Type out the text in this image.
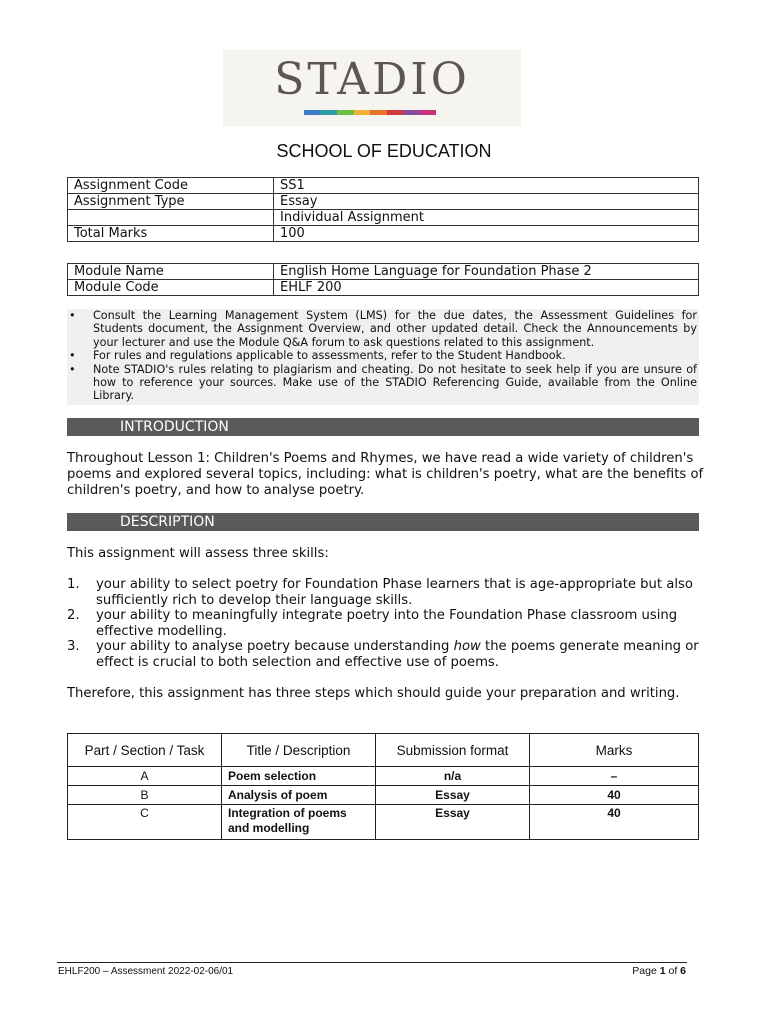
STADIO
SCHOOL OF EDUCATION
Assignment Code	SS1
Assignment Type	Essay
	Individual Assignment
Total Marks	100
Module Name	English Home Language for Foundation Phase 2
Module Code	EHLF 200
• Consult the Learning Management System (LMS) for the due dates, the Assessment Guidelines for Students document, the Assignment Overview, and other updated detail. Check the Announcements by your lecturer and use the Module Q&A forum to ask questions related to this assignment.
• For rules and regulations applicable to assessments, refer to the Student Handbook.
• Note STADIO's rules relating to plagiarism and cheating. Do not hesitate to seek help if you are unsure of how to reference your sources. Make use of the STADIO Referencing Guide, available from the Online Library.
INTRODUCTION
Throughout Lesson 1: Children's Poems and Rhymes, we have read a wide variety of children's poems and explored several topics, including: what is children's poetry, what are the benefits of children's poetry, and how to analyse poetry.
DESCRIPTION
This assignment will assess three skills:
1. your ability to select poetry for Foundation Phase learners that is age-appropriate but also sufficiently rich to develop their language skills.
2. your ability to meaningfully integrate poetry into the Foundation Phase classroom using effective modelling.
3. your ability to analyse poetry because understanding how the poems generate meaning or effect is crucial to both selection and effective use of poems.
Therefore, this assignment has three steps which should guide your preparation and writing.
Part / Section / Task	Title / Description	Submission format	Marks
A	Poem selection	n/a	–
B	Analysis of poem	Essay	40
C	Integration of poems and modelling	Essay	40
EHLF200 – Assessment 2022-02-06/01	Page 1 of 6
